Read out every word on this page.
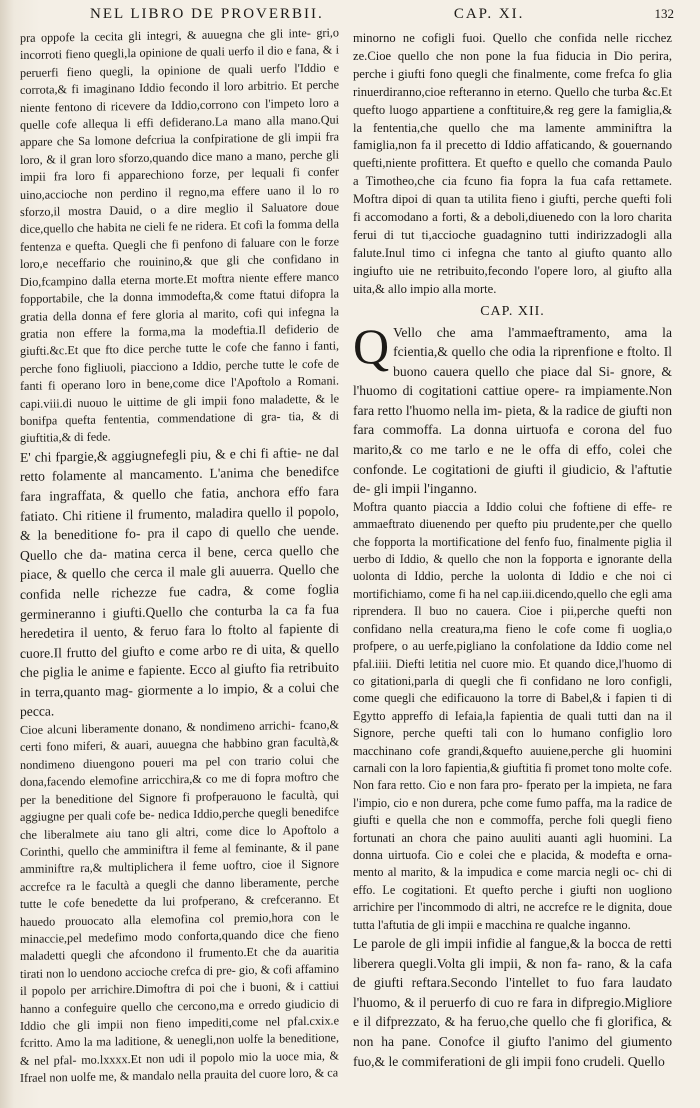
NEL LIBRO DE PROVERBII.	CAP. XI.	132

pra oppofe la cecita gli integri, & auuegna che gli inte- gri,o incorroti fieno quegli,la opinione de quali uerfo il dio e fana, & i peruerfi fieno quegli, la opinione de quali uerfo l'Iddio e corrota,& fi imaginano Iddio fecondo il loro arbitrio. Et perche niente fentono di ricevere da Iddio,corrono con l'impeto loro a quelle cofe allequa li effi defiderano.La mano alla mano.Qui appare che Sa lomone defcriua la confpiratione de gli impii fra loro, & il gran loro sforzo,quando dice mano a mano, perche gli impii fra loro fi apparechiono forze, per lequali fi confer uino,accioche non perdino il regno,ma effere uano il lo ro sforzo,il mostra Dauid, o a dire meglio il Saluatore doue dice,quello che habita ne cieli fe ne ridera. Et cofi la fomma della fentenza e quefta. Quegli che fi penfono di faluare con le forze loro,e neceffario che rouinino,& que gli che confidano in Dio,fcampino dalla eterna morte.Et moftra niente effere manco fopportabile, che la donna immodefta,& come ftatui difopra la gratia della donna ef fere gloria al marito, cofi qui infegna la gratia non effere la forma,ma la modeftia.Il defiderio de giufti.&c.Et que fto dice perche tutte le cofe che fanno i fanti, perche fono figliuoli, piacciono a Iddio, perche tutte le cofe de fanti fi operano loro in bene,come dice l'Apoftolo a Romani. capi.viii.di nuouo le uittime de gli impii fono maladette, & le bonifpa quefta fententia, commendatione di gra- tia, & di giuftitia,& di fede.

E' chi fpargie,& aggiugnefegli piu, & e chi fi aftie- ne dal retto folamente al mancamento. L'anima che benedifce fara ingraffata, & quello che fatia, anchora effo fara fatiato. Chi ritiene il frumento, maladira quello il popolo, & la beneditione fo- pra il capo di quello che uende. Quello che da- matina cerca il bene, cerca quello che piace, & quello che cerca il male gli auuerra. Quello che confida nelle richezze fue cadra, & come foglia germineranno i giufti.Quello che conturba la ca fa fua heredetira il uento, & feruo fara lo ftolto al fapiente di cuore.Il frutto del giufto e come arbo re di uita, & quello che piglia le anime e fapiente. Ecco al giufto fia retribuito in terra,quanto mag- giormente a lo impio, & a colui che pecca.

Cioe alcuni liberamente donano, & nondimeno arrichi- fcano,& certi fono miferi, & auari, auuegna che habbino gran facultà,& nondimeno diuengono poueri ma pel con trario colui che dona,facendo elemofine arricchira,& co me di fopra moftro che per la beneditione del Signore fi profperauono le facultà, qui aggiugne per quali cofe be- nedica Iddio,perche quegli benedifce che liberalmete aiu tano gli altri, come dice lo Apoftolo a Corinthi, quello che amminiftra il feme al feminante, & il pane amminiftre ra,& multiplichera il feme uoftro, cioe il Signore accrefce ra le facultà a quegli che danno liberamente, perche tutte le cofe benedette da lui profperano, & crefceranno. Et hauedo prouocato alla elemofina col premio,hora con le minaccie,pel medefimo modo conforta,quando dice che fieno maladetti quegli che afcondono il frumento.Et che da auaritia tirati non lo uendono accioche crefca di pre- gio, & cofi affamino il popolo per arrichire.Dimoftra di poi che i buoni, & i cattiui hanno a confeguire quello che cercono,ma e orredo giudicio di Iddio che gli impii non fieno impediti,come nel pfal.cxix.e fcritto. Amo la ma laditione, & uenegli,non uolfe la beneditione, & nel pfal- mo.lxxxx.Et non udi il popolo mio la uoce mia, & Ifrael non uolfe me, & mandalo nella prauita del cuore loro, & ca

minorno ne cofigli fuoi. Quello che confida nelle ricchez ze.Cioe quello che non pone la fua fiducia in Dio perira, perche i giufti fono quegli che finalmente, come frefca fo glia rinuerdiranno,cioe refteranno in eterno. Quello che turba &c.Et quefto luogo appartiene a conftituire,& reg gere la famiglia,& la fententia,che quello che ma lamente amminiftra la famiglia,non fa il precetto di Iddio affaticando, & gouernando quefti,niente profittera. Et quefto e quello che comanda Paulo a Timotheo,che cia fcuno fia fopra la fua cafa rettamete. Moftra dipoi di quan ta utilita fieno i giufti, perche quefti foli fi accomodano a forti, & a deboli,diuenedo con la loro charita ferui di tut ti,accioche guadagnino tutti indirizzadogli alla falute.Inul timo ci infegna che tanto al giufto quanto allo ingiufto uie ne retribuito,fecondo l'opere loro, al giufto alla uita,& allo impio alla morte.

CAP. XII.

Q Vello che ama l'ammaeftramento, ama la fcientia,& quello che odia la riprenfione e ftolto. Il buono cauera quello che piace dal Si- gnore, & l'huomo di cogitationi cattiue opere- ra impiamente.Non fara retto l'huomo nella im- pieta, & la radice de giufti non fara commoffa. La donna uirtuofa e corona del fuo marito,& co me tarlo e ne le offa di effo, colei che confonde. Le cogitationi de giufti il giudicio, & l'aftutie de- gli impii l'inganno.

Moftra quanto piaccia a Iddio colui che foftiene di effe- re ammaeftrato diuenendo per quefto piu prudente,per che quello che fopporta la mortificatione del fenfo fuo, finalmente piglia il uerbo di Iddio, & quello che non la fopporta e ignorante della uolonta di Iddio, perche la uolonta di Iddio e che noi ci mortifichiamo, come fi ha nel cap.iii.dicendo,quello che egli ama riprendera. Il buo no cauera. Cioe i pii,perche quefti non confidano nella creatura,ma fieno le cofe come fi uoglia,o profpere, o au uerfe,pigliano la confolatione da Iddio come nel pfal.iiii. Diefti letitia nel cuore mio. Et quando dice,l'huomo di co gitationi,parla di quegli che fi confidano ne loro configli, come quegli che edificauono la torre di Babel,& i fapien ti di Egytto appreffo di Iefaia,la fapientia de quali tutti dan na il Signore, perche quefti tali con lo humano configlio loro macchinano cofe grandi,&quefto auuiene,perche gli huomini carnali con la loro fapientia,& giuftitia fi promet tono molte cofe. Non fara retto. Cio e non fara pro- fperato per la impieta, ne fara l'impio, cio e non durera, pche come fumo paffa, ma la radice de giufti e quella che non e commoffa, perche foli quegli fieno fortunati an chora che paino auuliti auanti agli huomini. La donna uirtuofa. Cio e colei che e placida, & modefta e orna- mento al marito, & la impudica e come marcia negli oc- chi di effo. Le cogitationi. Et quefto perche i giufti non uogliono arrichire per l'incommodo di altri, ne accrefce re le dignita, doue tutta l'aftutia de gli impii e macchina re qualche inganno.

Le parole de gli impii infidie al fangue,& la bocca de retti liberera quegli.Volta gli impii, & non fa- rano, & la cafa de giufti reftara.Secondo l'intellet to fuo fara laudato l'huomo, & il peruerfo di cuo re fara in difpregio.Migliore e il difprezzato, & ha feruo,che quello che fi glorifica, & non ha pane. Conofce il giufto l'animo del giumento fuo,& le commiferationi de gli impii fono crudeli. Quello
